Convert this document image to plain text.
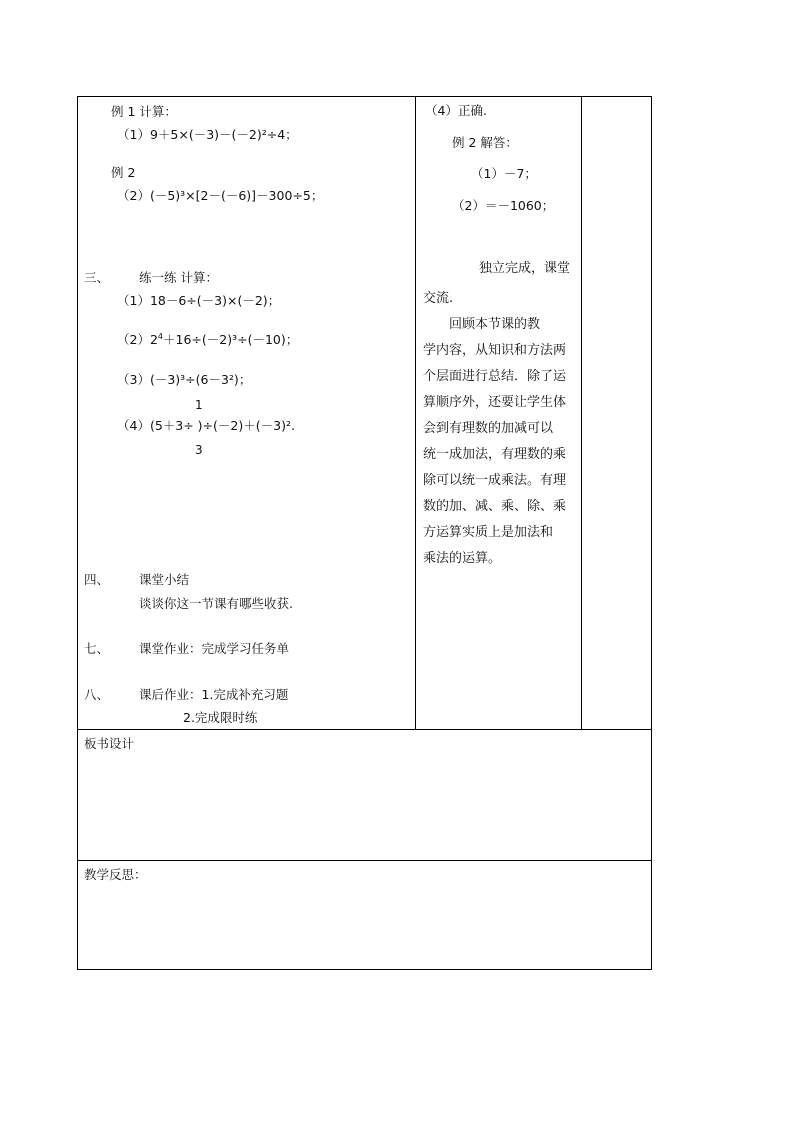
例 1 计算：
（1）9＋5×(－3)－(－2)²÷4；
例 2
（2）(－5)³×[2－(－6)]－300÷5；
三、 练一练 计算：
（1）18－6÷(－3)×(－2)；
$(2)2^4+16\div(-2)^3\div(-10)$；
（3）(－3)³÷(6－3²)；
1
（4）(5＋3÷ )÷(－2)＋(－3)².
3
四、 课堂小结
谈谈你这一节课有哪些收获.
七、 课堂作业：完成学习任务单
八、 课后作业：1.完成补充习题
2.完成限时练
（4）正确.
例 2 解答：
（1）－7；
（2）＝－1060；
独立完成，课堂
交流.
　　回顾本节课的教
学内容，从知识和方法两
个层面进行总结．除了运
算顺序外，还要让学生体
会到有理数的加减可以
统一成加法，有理数的乘
除可以统一成乘法。有理
数的加、减、乘、除、乘
方运算实质上是加法和
乘法的运算。
板书设计
教学反思：
